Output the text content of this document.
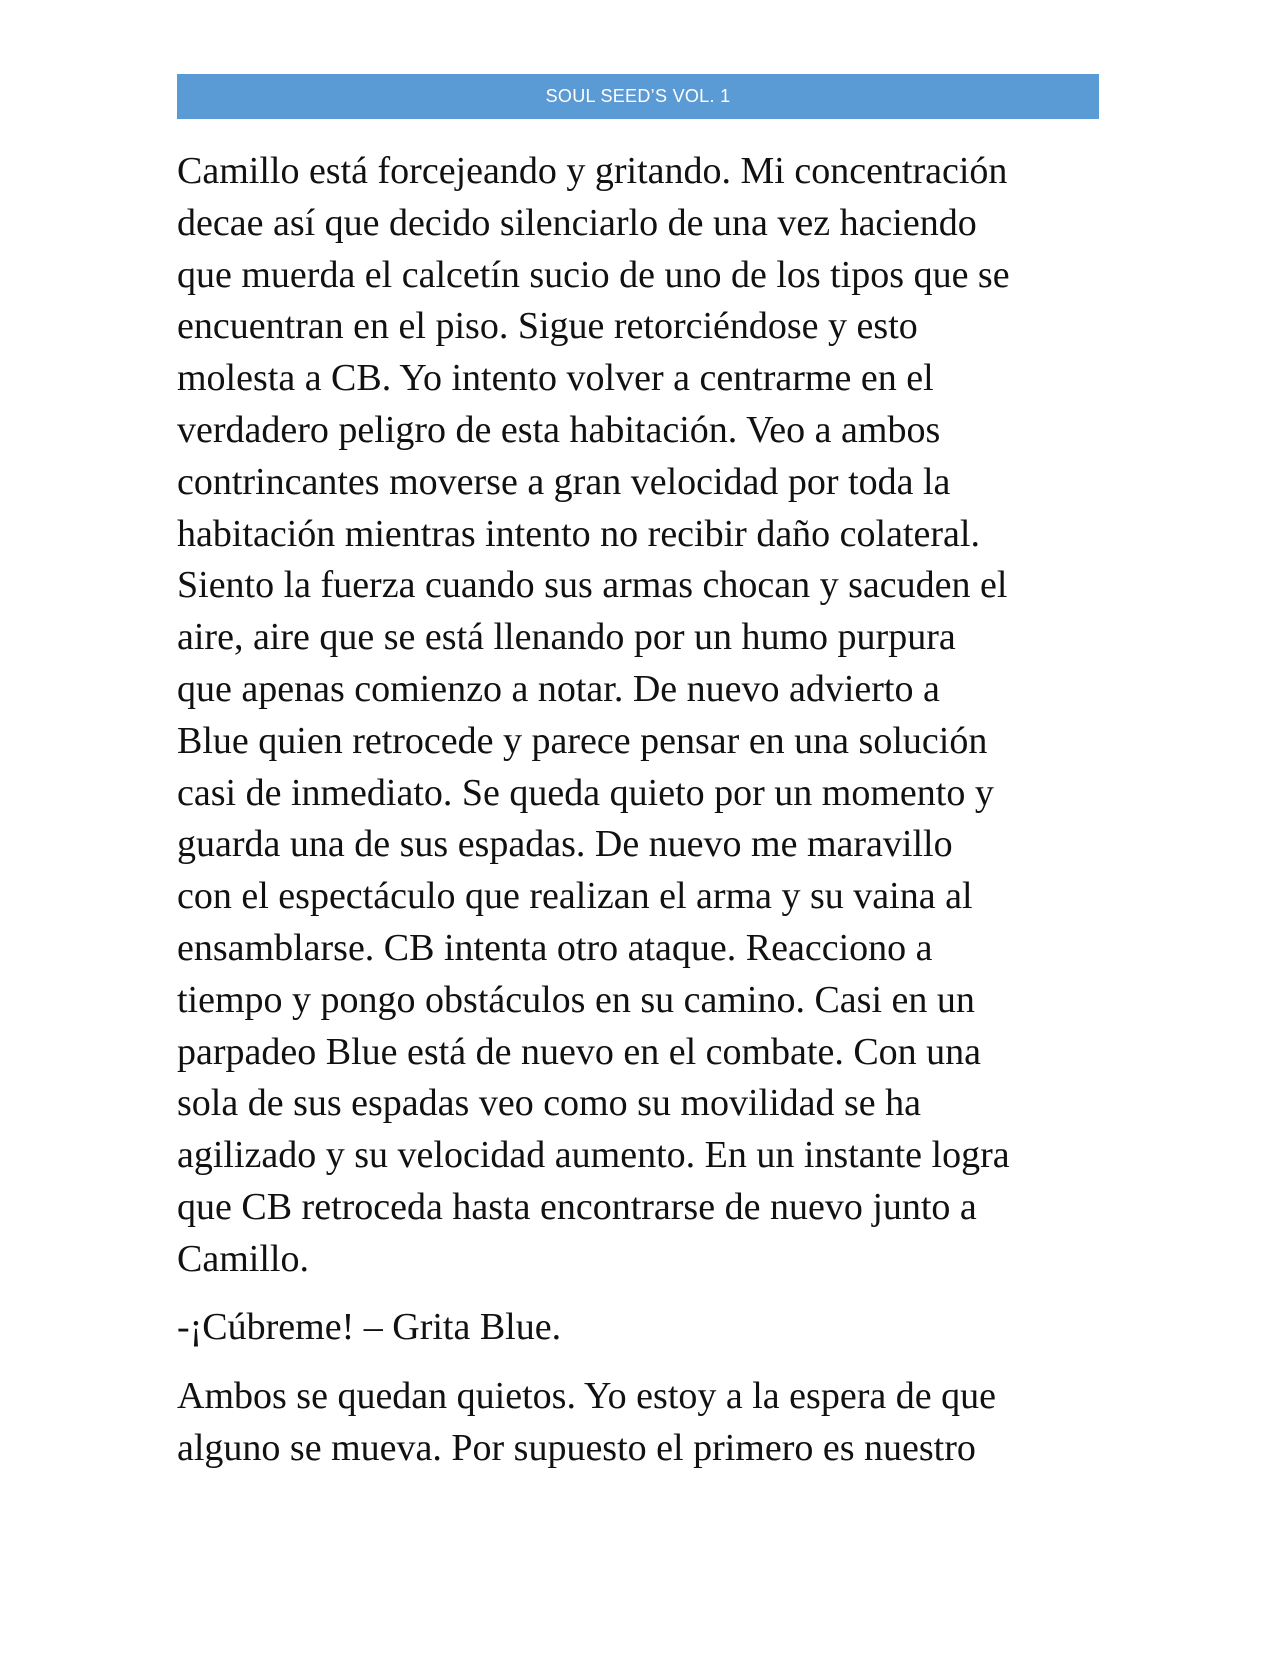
SOUL SEED’S VOL. 1

Camillo está forcejeando y gritando. Mi concentración
decae así que decido silenciarlo de una vez haciendo
que muerda el calcetín sucio de uno de los tipos que se
encuentran en el piso. Sigue retorciéndose y esto
molesta a CB. Yo intento volver a centrarme en el
verdadero peligro de esta habitación. Veo a ambos
contrincantes moverse a gran velocidad por toda la
habitación mientras intento no recibir daño colateral.
Siento la fuerza cuando sus armas chocan y sacuden el
aire, aire que se está llenando por un humo purpura
que apenas comienzo a notar. De nuevo advierto a
Blue quien retrocede y parece pensar en una solución
casi de inmediato. Se queda quieto por un momento y
guarda una de sus espadas. De nuevo me maravillo
con el espectáculo que realizan el arma y su vaina al
ensamblarse. CB intenta otro ataque. Reacciono a
tiempo y pongo obstáculos en su camino. Casi en un
parpadeo Blue está de nuevo en el combate. Con una
sola de sus espadas veo como su movilidad se ha
agilizado y su velocidad aumento. En un instante logra
que CB retroceda hasta encontrarse de nuevo junto a
Camillo.

-¡Cúbreme! – Grita Blue.

Ambos se quedan quietos. Yo estoy a la espera de que
alguno se mueva. Por supuesto el primero es nuestro
